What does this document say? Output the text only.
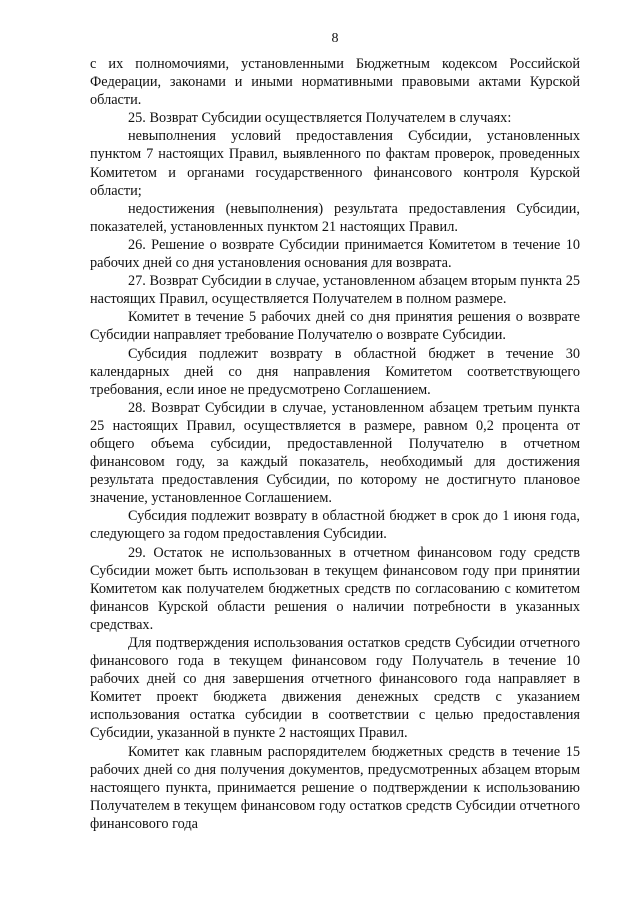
8

с их полномочиями, установленными Бюджетным кодексом Российской Федерации, законами и иными нормативными правовыми актами Курской области.

25. Возврат Субсидии осуществляется Получателем в случаях:

невыполнения условий предоставления Субсидии, установленных пунктом 7 настоящих Правил, выявленного по фактам проверок, проведенных Комитетом и органами государственного финансового контроля Курской области;

недостижения (невыполнения) результата предоставления Субсидии, показателей, установленных пунктом 21 настоящих Правил.

26. Решение о возврате Субсидии принимается Комитетом в течение 10 рабочих дней со дня установления основания для возврата.

27. Возврат Субсидии в случае, установленном абзацем вторым пункта 25 настоящих Правил, осуществляется Получателем в полном размере.

Комитет в течение 5 рабочих дней со дня принятия решения о возврате Субсидии направляет требование Получателю о возврате Субсидии.

Субсидия подлежит возврату в областной бюджет в течение 30 календарных дней со дня направления Комитетом соответствующего требования, если иное не предусмотрено Соглашением.

28. Возврат Субсидии в случае, установленном абзацем третьим пункта 25 настоящих Правил, осуществляется в размере, равном 0,2 процента от общего объема субсидии, предоставленной Получателю в отчетном финансовом году, за каждый показатель, необходимый для достижения результата предоставления Субсидии, по которому не достигнуто плановое значение, установленное Соглашением.

Субсидия подлежит возврату в областной бюджет в срок до 1 июня года, следующего за годом предоставления Субсидии.

29. Остаток не использованных в отчетном финансовом году средств Субсидии может быть использован в текущем финансовом году при принятии Комитетом как получателем бюджетных средств по согласованию с комитетом финансов Курской области решения о наличии потребности в указанных средствах.

Для подтверждения использования остатков средств Субсидии отчетного финансового года в текущем финансовом году Получатель в течение 10 рабочих дней со дня завершения отчетного финансового года направляет в Комитет проект бюджета движения денежных средств с указанием использования остатка субсидии в соответствии с целью предоставления Субсидии, указанной в пункте 2 настоящих Правил.

Комитет как главным распорядителем бюджетных средств в течение 15 рабочих дней со дня получения документов, предусмотренных абзацем вторым настоящего пункта, принимается решение о подтверждении к использованию Получателем в текущем финансовом году остатков средств Субсидии отчетного финансового года
